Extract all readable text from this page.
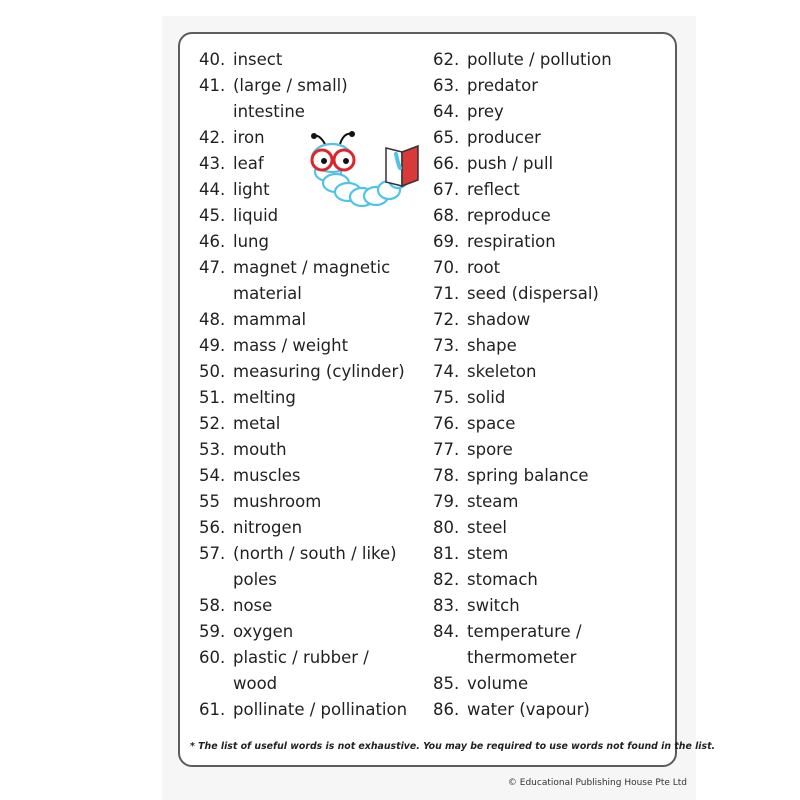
40. insect
41. (large / small)
intestine
42. iron
43. leaf
44. light
45. liquid
46. lung
47. magnet / magnetic
material
48. mammal
49. mass / weight
50. measuring (cylinder)
51. melting
52. metal
53. mouth
54. muscles
55 mushroom
56. nitrogen
57. (north / south / like)
poles
58. nose
59. oxygen
60. plastic / rubber /
wood
61. pollinate / pollination
62. pollute / pollution
63. predator
64. prey
65. producer
66. push / pull
67. reflect
68. reproduce
69. respiration
70. root
71. seed (dispersal)
72. shadow
73. shape
74. skeleton
75. solid
76. space
77. spore
78. spring balance
79. steam
80. steel
81. stem
82. stomach
83. switch
84. temperature /
thermometer
85. volume
86. water (vapour)
* The list of useful words is not exhaustive. You may be required to use words not found in the list.
© Educational Publishing House Pte Ltd
